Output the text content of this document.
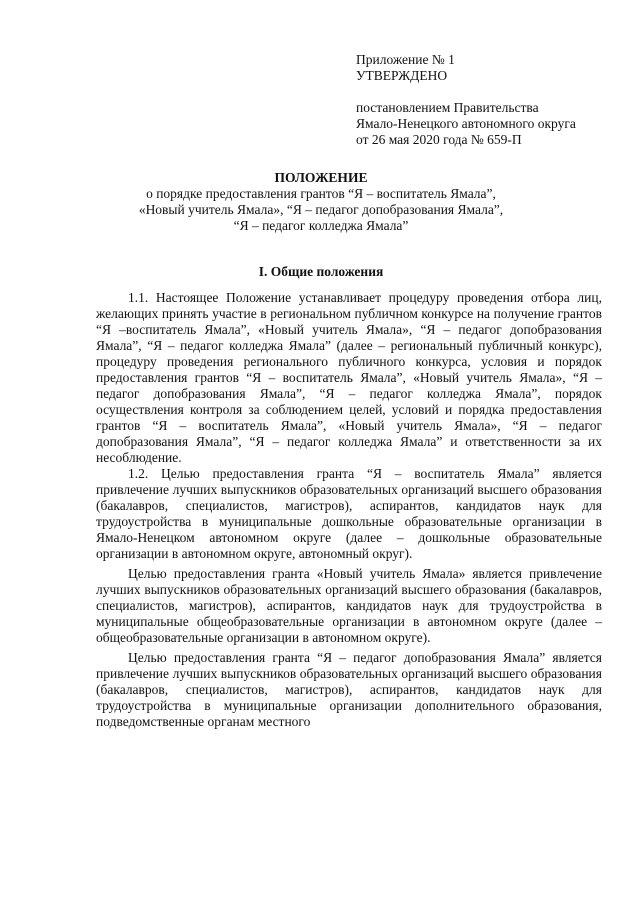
Приложение № 1
УТВЕРЖДЕНО
постановлением Правительства
Ямало-Ненецкого автономного округа
от 26 мая 2020 года № 659-П
ПОЛОЖЕНИЕ
о порядке предоставления грантов “Я – воспитатель Ямала”,
«Новый учитель Ямала», “Я – педагог допобразования Ямала”,
“Я – педагог колледжа Ямала”
I. Общие положения

1.1. Настоящее Положение устанавливает процедуру проведения отбора лиц, желающих принять участие в региональном публичном конкурсе на получение грантов “Я –воспитатель Ямала”, «Новый учитель Ямала», “Я – педагог допобразования Ямала”, “Я – педагог колледжа Ямала” (далее – региональный публичный конкурс), процедуру проведения регионального публичного конкурса, условия и порядок предоставления грантов “Я – воспитатель Ямала”, «Новый учитель Ямала», “Я – педагог допобразования Ямала”, “Я – педагог колледжа Ямала”, порядок осуществления контроля за соблюдением целей, условий и порядка предоставления грантов “Я – воспитатель Ямала”, «Новый учитель Ямала», “Я – педагог допобразования Ямала”, “Я – педагог колледжа Ямала” и ответственности за их несоблюдение.

1.2. Целью предоставления гранта “Я – воспитатель Ямала” является привлечение лучших выпускников образовательных организаций высшего образования (бакалавров, специалистов, магистров), аспирантов, кандидатов наук для трудоустройства в муниципальные дошкольные образовательные организации в Ямало-Ненецком автономном округе (далее – дошкольные образовательные организации в автономном округе, автономный округ).

Целью предоставления гранта «Новый учитель Ямала» является привлечение лучших выпускников образовательных организаций высшего образования (бакалавров, специалистов, магистров), аспирантов, кандидатов наук для трудоустройства в муниципальные общеобразовательные организации в автономном округе (далее – общеобразовательные организации в автономном округе).

Целью предоставления гранта “Я – педагог допобразования Ямала” является привлечение лучших выпускников образовательных организаций высшего образования (бакалавров, специалистов, магистров), аспирантов, кандидатов наук для трудоустройства в муниципальные организации дополнительного образования, подведомственные органам местного
